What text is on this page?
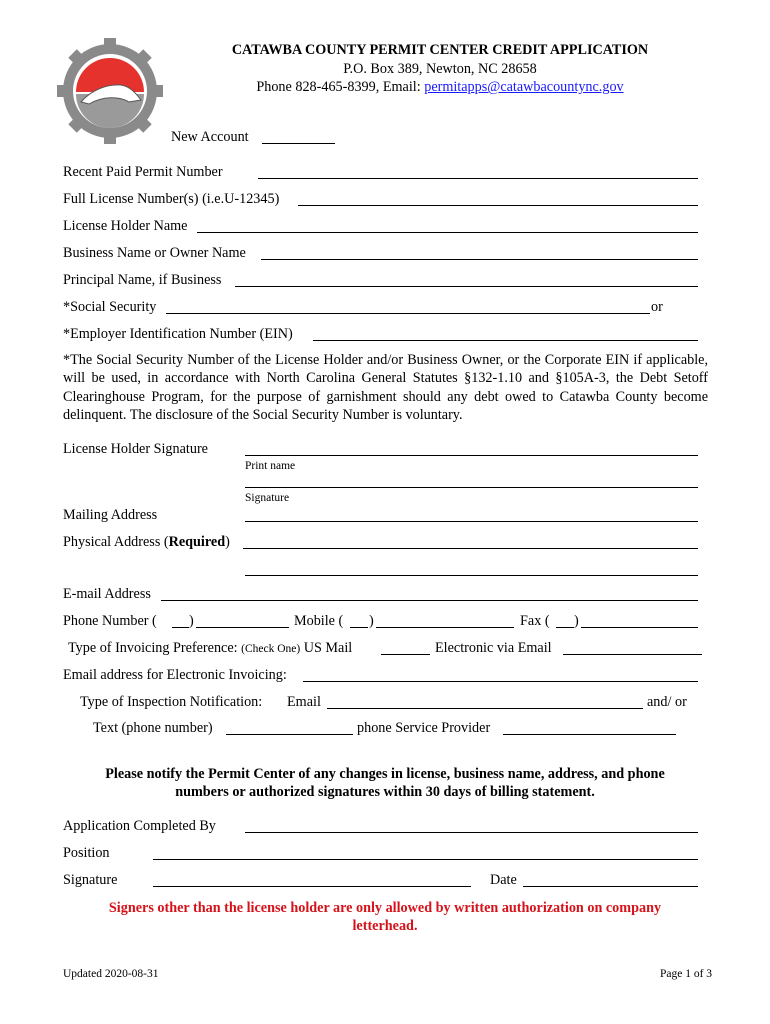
CATAWBA COUNTY PERMIT CENTER CREDIT APPLICATION
P.O. Box 389, Newton, NC 28658
Phone 828-465-8399, Email: permitapps@catawbacountync.gov
New Account
Recent Paid Permit Number
Full License Number(s) (i.e.U-12345)
License Holder Name
Business Name or Owner Name
Principal Name, if Business
*Social Security	or
*Employer Identification Number (EIN)
*The Social Security Number of the License Holder and/or Business Owner, or the Corporate EIN if applicable, will be used, in accordance with North Carolina General Statutes §132-1.10 and §105A-3, the Debt Setoff Clearinghouse Program, for the purpose of garnishment should any debt owed to Catawba County become delinquent. The disclosure of the Social Security Number is voluntary.
License Holder Signature
Print name
Signature
Mailing Address
Physical Address (Required)
E-mail Address
Phone Number ( )	Mobile ( )	Fax ( )
Type of Invoicing Preference: (Check One) US Mail	Electronic via Email
Email address for Electronic Invoicing:
Type of Inspection Notification: Email	and/ or
Text (phone number)	phone Service Provider
Please notify the Permit Center of any changes in license, business name, address, and phone numbers or authorized signatures within 30 days of billing statement.
Application Completed By
Position
Signature	Date
Signers other than the license holder are only allowed by written authorization on company letterhead.
Updated 2020-08-31	Page 1 of 3
